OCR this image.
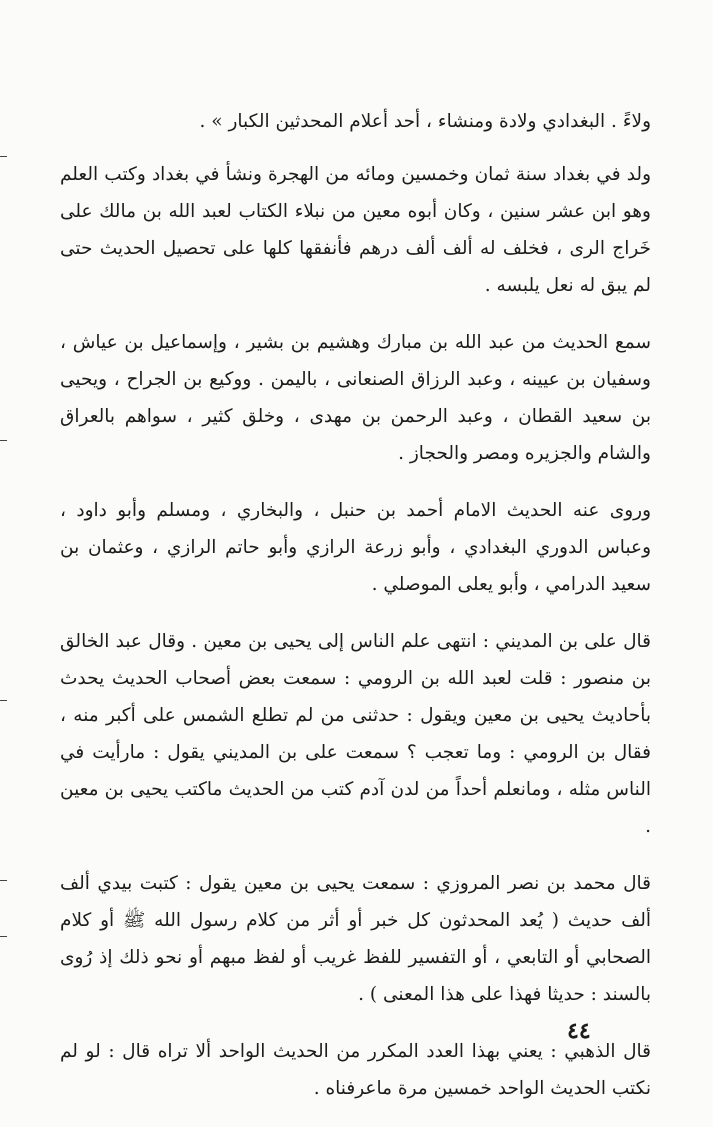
ولاءً . البغدادي ولادة ومنشاء ، أحد أعلام المحدثين الكبار » .

ولد في بغداد سنة ثمان وخمسين ومائه من الهجرة ونشأ في بغداد وكتب العلم وهو ابن عشر سنين ، وكان أبوه معين من نبلاء الكتاب لعبد الله بن مالك على خَراج الرى ، فخلف له ألف ألف درهم فأنفقها كلها على تحصيل الحديث حتى لم يبق له نعل يلبسه .

سمع الحديث من عبد الله بن مبارك وهشيم بن بشير ، وإسماعيل بن عياش ، وسفيان بن عيينه ، وعبد الرزاق الصنعانى ، باليمن . ووكيع بن الجراح ، ويحيى بن سعيد القطان ، وعبد الرحمن بن مهدى ، وخلق كثير ، سواهم بالعراق والشام والجزيره ومصر والحجاز .

وروى عنه الحديث الامام أحمد بن حنبل ، والبخاري ، ومسلم وأبو داود ، وعباس الدوري البغدادي ، وأبو زرعة الرازي وأبو حاتم الرازي ، وعثمان بن سعيد الدرامي ، وأبو يعلى الموصلي .

قال على بن المديني : انتهى علم الناس إلى يحيى بن معين . وقال عبد الخالق بن منصور : قلت لعبد الله بن الرومي : سمعت بعض أصحاب الحديث يحدث بأحاديث يحيى بن معين ويقول : حدثنى من لم تطلع الشمس على أكبر منه ، فقال بن الرومي : وما تعجب ؟ سمعت على بن المديني يقول : مارأيت في الناس مثله ، ومانعلم أحداً من لدن آدم كتب من الحديث ماكتب يحيى بن معين .

قال محمد بن نصر المروزي : سمعت يحيى بن معين يقول : كتبت بيدي ألف ألف حديث ( يُعد المحدثون كل خبر أو أثر من كلام رسول الله ﷺ أو كلام الصحابي أو التابعي ، أو التفسير للفظ غريب أو لفظ مبهم أو نحو ذلك إذ رُوى بالسند : حديثا فهذا على هذا المعنى ) .

قال الذهبي : يعني بهذا العدد المكرر من الحديث الواحد ألا تراه قال : لو لم نكتب الحديث الواحد خمسين مرة ماعرفناه .

٤٤
